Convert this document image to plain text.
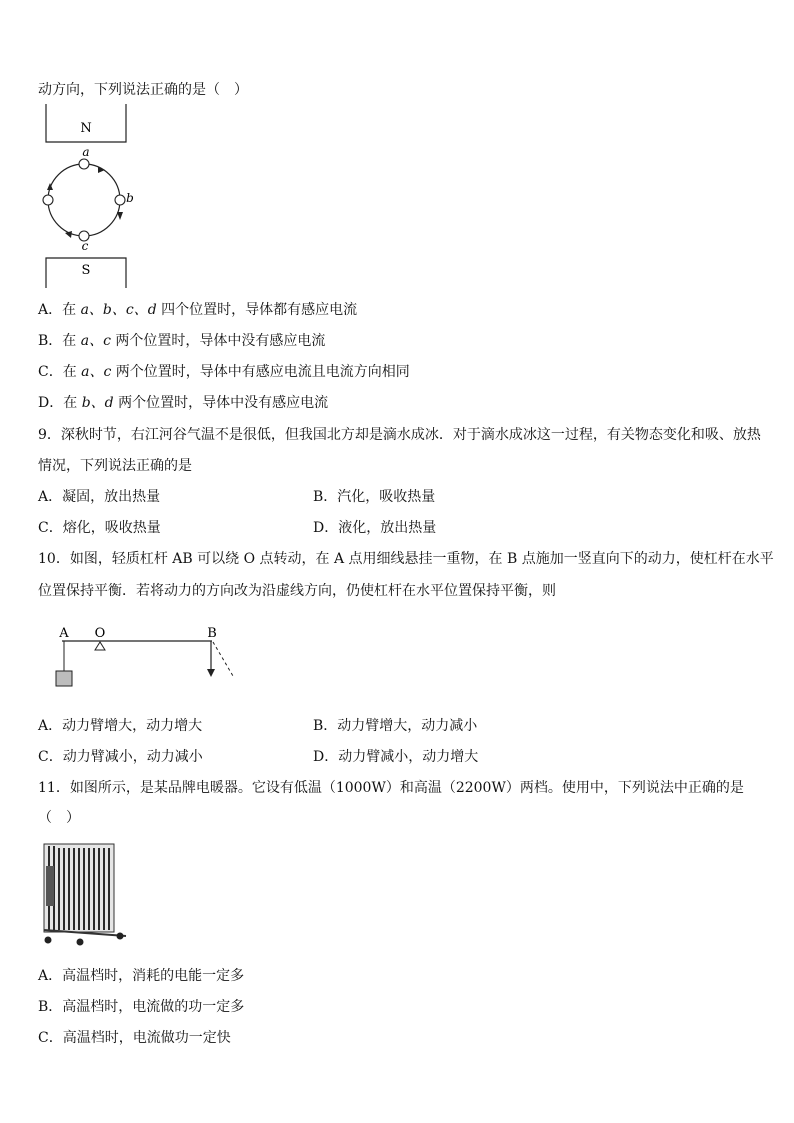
动方向，下列说法正确的是（　）
N
S
a
b
c
A．在 a、b、c、d 四个位置时，导体都有感应电流
B．在 a、c 两个位置时，导体中没有感应电流
C．在 a、c 两个位置时，导体中有感应电流且电流方向相同
D．在 b、d 两个位置时，导体中没有感应电流
9．深秋时节，右江河谷气温不是很低，但我国北方却是滴水成冰．对于滴水成冰这一过程，有关物态变化和吸、放热
情况，下列说法正确的是
A．凝固，放出热量	B．汽化，吸收热量
C．熔化，吸收热量	D．液化，放出热量
10．如图，轻质杠杆 AB 可以绕 O 点转动，在 A 点用细线悬挂一重物，在 B 点施加一竖直向下的动力，使杠杆在水平
位置保持平衡．若将动力的方向改为沿虚线方向，仍使杠杆在水平位置保持平衡，则
A O	B
A．动力臂增大，动力增大	B．动力臂增大，动力减小
C．动力臂减小，动力减小	D．动力臂减小，动力增大
11．如图所示，是某品牌电暖器。它设有低温（1000W）和高温（2200W）两档。使用中，下列说法中正确的是
（　）
A．高温档时，消耗的电能一定多
B．高温档时，电流做的功一定多
C．高温档时，电流做功一定快
